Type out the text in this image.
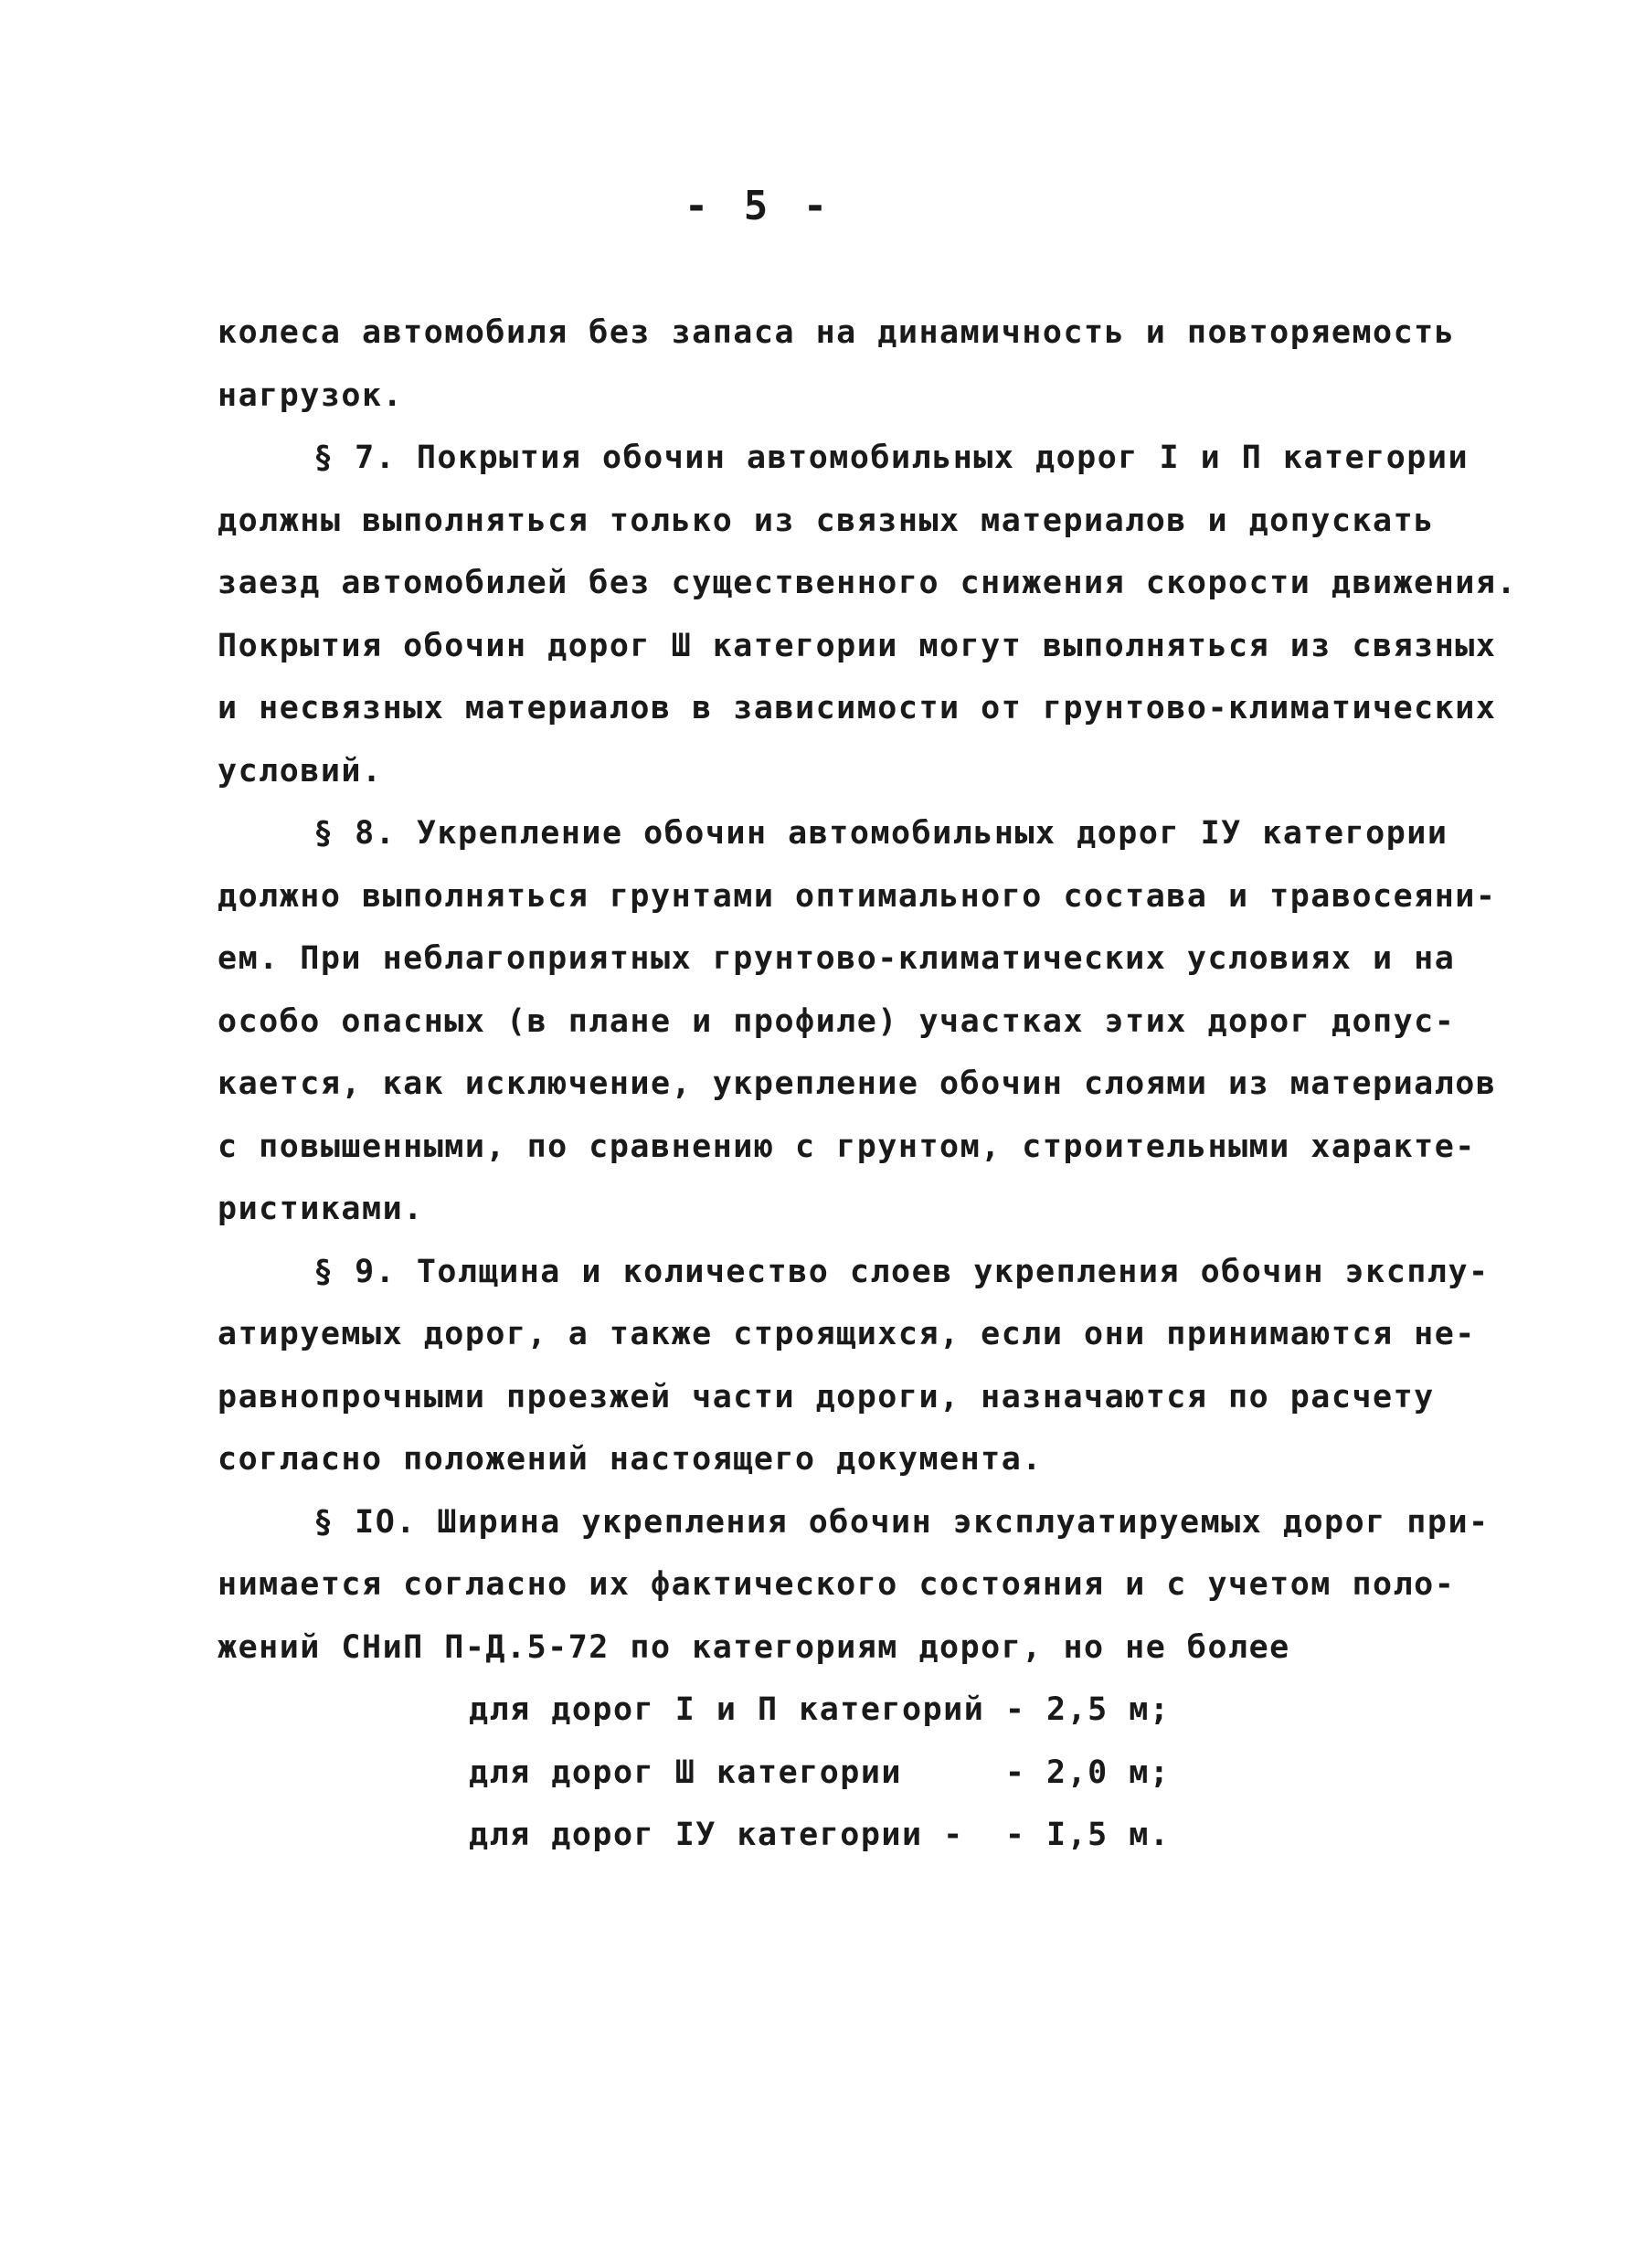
- 5 -
колеса автомобиля без запаса на динамичность и повторяемость
нагрузок.
§ 7. Покрытия обочин автомобильных дорог I и П категории
должны выполняться только из связных материалов и допускать
заезд автомобилей без существенного снижения скорости движения.
Покрытия обочин дорог Ш категории могут выполняться из связных
и несвязных материалов в зависимости от грунтово-климатических
условий.
§ 8. Укрепление обочин автомобильных дорог IУ категории
должно выполняться грунтами оптимального состава и травосеяни-
ем. При неблагоприятных грунтово-климатических условиях и на
особо опасных (в плане и профиле) участках этих дорог допус-
кается, как исключение, укрепление обочин слоями из материалов
с повышенными, по сравнению с грунтом, строительными характе-
ристиками.
§ 9. Толщина и количество слоев укрепления обочин эксплу-
атируемых дорог, а также строящихся, если они принимаются не-
равнопрочными проезжей части дороги, назначаются по расчету
согласно положений настоящего документа.
§ IO. Ширина укрепления обочин эксплуатируемых дорог при-
нимается согласно их фактического состояния и с учетом поло-
жений СНиП П-Д.5-72 по категориям дорог, но не более
для дорог I и П категорий - 2,5 м;
для дорог Ш категории     - 2,0 м;
для дорог IУ категории -  - I,5 м.
